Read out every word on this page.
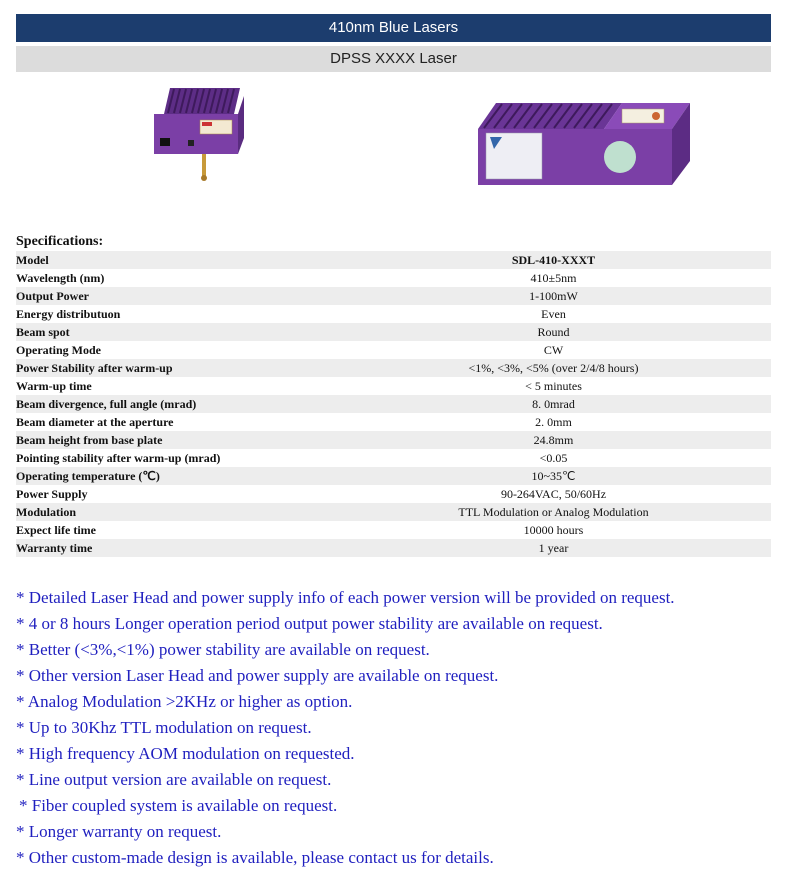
410nm Blue Lasers
DPSS XXXX Laser
Specifications:
Model	SDL-410-XXXT
Wavelength (nm)	410±5nm
Output Power	1-100mW
Energy distributuon	Even
Beam spot	Round
Operating Mode	CW
Power Stability after warm-up	<1%, <3%, <5% (over 2/4/8 hours)
Warm-up time	< 5 minutes
Beam divergence, full angle (mrad)	8. 0mrad
Beam diameter at the aperture	2. 0mm
Beam height from base plate	24.8mm
Pointing stability after warm-up (mrad)	<0.05
Operating temperature (℃)	10~35℃
Power Supply	90-264VAC, 50/60Hz
Modulation	TTL Modulation or Analog Modulation
Expect life time	10000 hours
Warranty time	1 year
* Detailed Laser Head and power supply info of each power version will be provided on request.
* 4 or 8 hours Longer operation period output power stability are available on request.
* Better (<3%,<1%) power stability are available on request.
* Other version Laser Head and power supply are available on request.
* Analog Modulation >2KHz or higher as option.
* Up to 30Khz TTL modulation on request.
* High frequency AOM modulation on requested.
* Line output version are available on request.
* Fiber coupled system is available on request.
* Longer warranty on request.
* Other custom-made design is available, please contact us for details.
